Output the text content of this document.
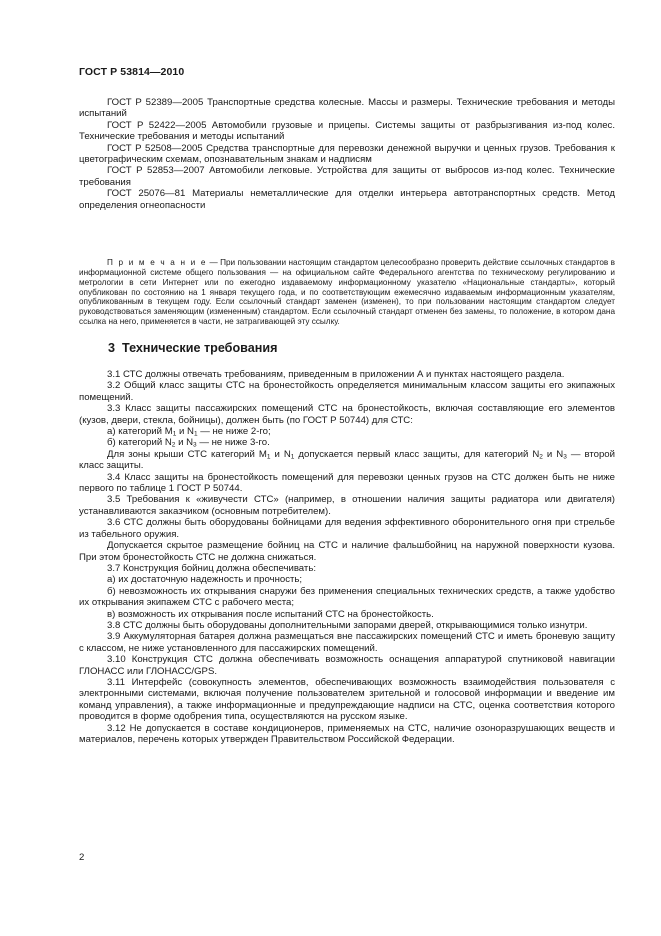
ГОСТ Р 53814—2010

ГОСТ Р 52389—2005 Транспортные средства колесные. Массы и размеры. Технические требования и методы испытаний

ГОСТ Р 52422—2005 Автомобили грузовые и прицепы. Системы защиты от разбрызгивания из-под колес. Технические требования и методы испытаний

ГОСТ Р 52508—2005 Средства транспортные для перевозки денежной выручки и ценных грузов. Требования к цветографическим схемам, опознавательным знакам и надписям

ГОСТ Р 52853—2007 Автомобили легковые. Устройства для защиты от выбросов из-под колес. Технические требования

ГОСТ 25076—81 Материалы неметаллические для отделки интерьера автотранспортных средств. Метод определения огнеопасности

П р и м е ч а н и е — При пользовании настоящим стандартом целесообразно проверить действие ссылочных стандартов в информационной системе общего пользования — на официальном сайте Федерального агентства по техническому регулированию и метрологии в сети Интернет или по ежегодно издаваемому информационному указателю «Национальные стандарты», который опубликован по состоянию на 1 января текущего года, и по соответствующим ежемесячно издаваемым информационным указателям, опубликованным в текущем году. Если ссылочный стандарт заменен (изменен), то при пользовании настоящим стандартом следует руководствоваться заменяющим (измененным) стандартом. Если ссылочный стандарт отменен без замены, то положение, в котором дана ссылка на него, применяется в части, не затрагивающей эту ссылку.

3 Технические требования

3.1 СТС должны отвечать требованиям, приведенным в приложении А и пунктах настоящего раздела.

3.2 Общий класс защиты СТС на бронестойкость определяется минимальным классом защиты его экипажных помещений.

3.3 Класс защиты пассажирских помещений СТС на бронестойкость, включая составляющие его элементов (кузов, двери, стекла, бойницы), должен быть (по ГОСТ Р 50744) для СТС:

а) категорий $M_1$ и $N_1$ — не ниже 2-го;

б) категорий $N_2$ и $N_3$ — не ниже 3-го.

Для зоны крыши СТС категорий $M_1$ и $N_1$ допускается первый класс защиты, для категорий $N_2$ и $N_3$ — второй класс защиты.

3.4 Класс защиты на бронестойкость помещений для перевозки ценных грузов на СТС должен быть не ниже первого по таблице 1 ГОСТ Р 50744.

3.5 Требования к «живучести СТС» (например, в отношении наличия защиты радиатора или двигателя) устанавливаются заказчиком (основным потребителем).

3.6 СТС должны быть оборудованы бойницами для ведения эффективного оборонительного огня при стрельбе из табельного оружия.

Допускается скрытое размещение бойниц на СТС и наличие фальшбойниц на наружной поверхности кузова. При этом бронестойкость СТС не должна снижаться.

3.7 Конструкция бойниц должна обеспечивать:

а) их достаточную надежность и прочность;

б) невозможность их открывания снаружи без применения специальных технических средств, а также удобство их открывания экипажем СТС с рабочего места;

в) возможность их открывания после испытаний СТС на бронестойкость.

3.8 СТС должны быть оборудованы дополнительными запорами дверей, открывающимися только изнутри.

3.9 Аккумуляторная батарея должна размещаться вне пассажирских помещений СТС и иметь броневую защиту с классом, не ниже установленного для пассажирских помещений.

3.10 Конструкция СТС должна обеспечивать возможность оснащения аппаратурой спутниковой навигации ГЛОНАСС или ГЛОНАСС/GPS.

3.11 Интерфейс (совокупность элементов, обеспечивающих возможность взаимодействия пользователя с электронными системами, включая получение пользователем зрительной и голосовой информации и введение им команд управления), а также информационные и предупреждающие надписи на СТС, оценка соответствия которого проводится в форме одобрения типа, осуществляются на русском языке.

3.12 Не допускается в составе кондиционеров, применяемых на СТС, наличие озоноразрушающих веществ и материалов, перечень которых утвержден Правительством Российской Федерации.

2
